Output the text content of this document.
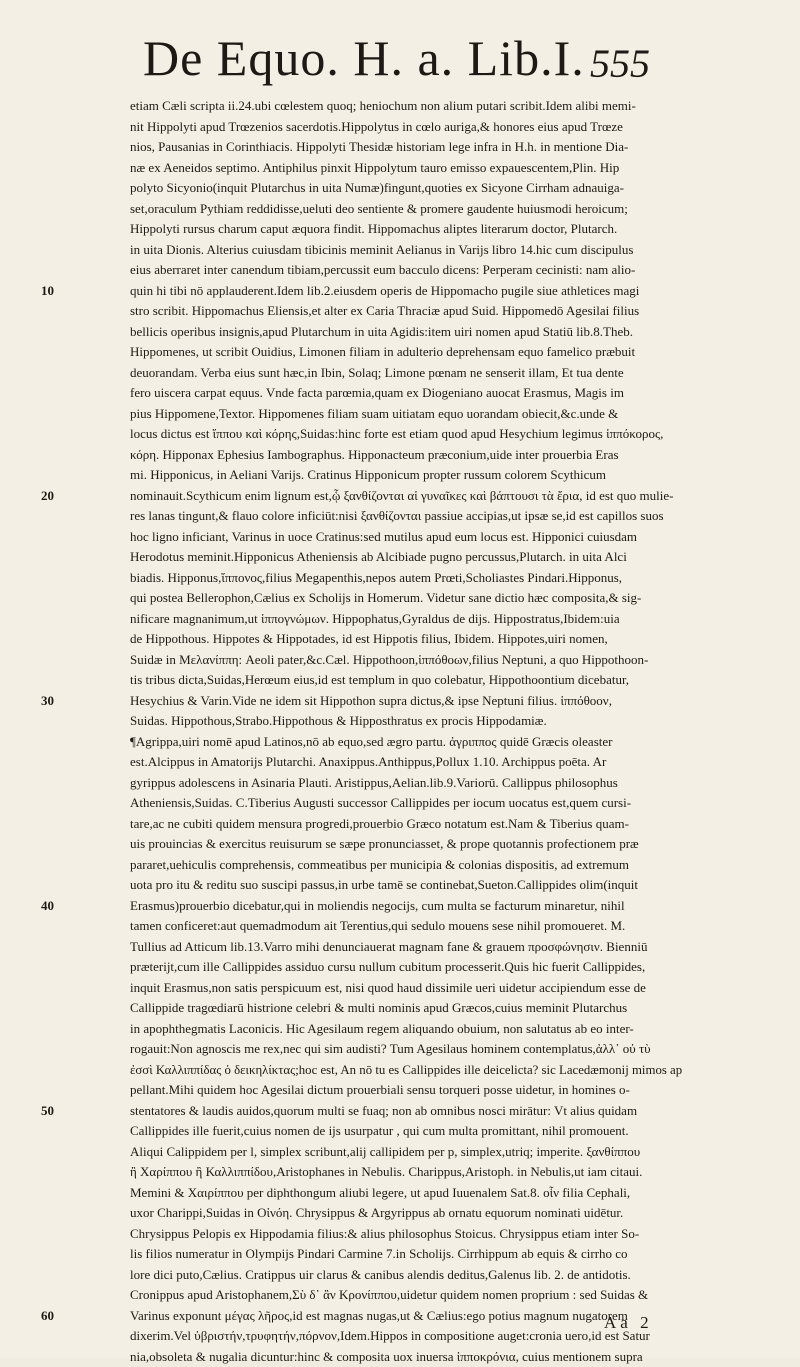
De Equo. H. a. Lib.I. 555
etiam Cæli scripta ii.24.ubi cœlestem quoq; heniochum non alium putari scribit.Idem alibi memi-
nit Hippolyti apud Trœzenios sacerdotis.Hippolytus in cœlo auriga,& honores eius apud Trœze
nios, Pausanias in Corinthiacis. Hippolyti Thesidæ historiam lege infra in H.h. in mentione Dia-
næ ex Aeneidos septimo. Antiphilus pinxit Hippolytum tauro emisso expauescentem,Plin. Hip
polyto Sicyonio(inquit Plutarchus in uita Numæ)fingunt,quoties ex Sicyone Cirrham adnauiga-
set,oraculum Pythiam reddidisse,ueluti deo sentiente & promere gaudente huiusmodi heroicum;
Hippolyti rursus charum caput æquora findit. Hippomachus aliptes literarum doctor, Plutarch.
in uita Dionis. Alterius cuiusdam tibicinis meminit Aelianus in Varijs libro 14.hic cum discipulus
eius aberraret inter canendum tibiam,percussit eum bacculo dicens: Perperam cecinisti: nam alio-
10	quin hi tibi nō applauderent.Idem lib.2.eiusdem operis de Hippomacho pugile siue athletices magi
stro scribit. Hippomachus Eliensis,et alter ex Caria Thraciæ apud Suid. Hippomedō Agesilai filius
bellicis operibus insignis,apud Plutarchum in uita Agidis:item uiri nomen apud Statiū lib.8.Theb.
Hippomenes, ut scribit Ouidius, Limonen filiam in adulterio deprehensam equo famelico præbuit
deuorandam. Verba eius sunt hæc,in Ibin, Solaq; Limone pœnam ne senserit illam, Et tua dente
fero uiscera carpat equus. Vnde facta parœmia,quam ex Diogeniano auocat Erasmus, Magis im
pius Hippomene,Textor. Hippomenes filiam suam uitiatam equo uorandam obiecit,&c.unde &
locus dictus est ἵππου καὶ κόρης,Suidas:hinc forte est etiam quod apud Hesychium legimus ἱππόκορος,
κόρη. Hipponax Ephesius Iambographus. Hipponacteum præconium,uide inter prouerbia Eras
mi. Hipponicus, in Aeliani Varijs. Cratinus Hipponicum propter russum colorem Scythicum
20	nominauit.Scythicum enim lignum est,ᾧ ξανθίζονται αἱ γυναῖκες καὶ βάπτουσι τὰ ἔρια, id est quo mulie-
res lanas tingunt,& flauo colore inficiūt:nisi ξανθίζονται passiue accipias,ut ipsæ se,id est capillos suos
hoc ligno inficiant, Varinus in uoce Cratinus:sed mutilus apud eum locus est. Hipponici cuiusdam
Herodotus meminit.Hipponicus Atheniensis ab Alcibiade pugno percussus,Plutarch. in uita Alci
biadis. Hipponus,ἵππονος,filius Megapenthis,nepos autem Prœti,Scholiastes Pindari.Hipponus,
qui postea Bellerophon,Cælius ex Scholijs in Homerum. Videtur sane dictio hæc composita,& sig-
nificare magnanimum,ut ἱππογνώμων. Hippophatus,Gyraldus de dijs. Hippostratus,Ibidem:uia
de Hippothous. Hippotes & Hippotades, id est Hippotis filius, Ibidem. Hippotes,uiri nomen,
Suidæ in Μελανίππη: Aeoli pater,&c.Cæl. Hippothoon,ἱππόθοων,filius Neptuni, a quo Hippothoon-
tis tribus dicta,Suidas,Herœum eius,id est templum in quo colebatur, Hippothoontium dicebatur,
30	Hesychius & Varin.Vide ne idem sit Hippothon supra dictus,& ipse Neptuni filius. ἱππόθοον,
Suidas. Hippothous,Strabo.Hippothous & Hipposthratus ex procis Hippodamiæ.
¶Agrippa,uiri nomē apud Latinos,nō ab equo,sed ægro partu. ἀγριππος quidē Græcis oleaster
est.Alcippus in Amatorijs Plutarchi. Anaxippus.Anthippus,Pollux 1.10. Archippus poēta. Ar
gyrippus adolescens in Asinaria Plauti. Aristippus,Aelian.lib.9.Variorū. Callippus philosophus
Atheniensis,Suidas. C.Tiberius Augusti successor Callippides per iocum uocatus est,quem cursi-
tare,ac ne cubiti quidem mensura progredi,prouerbio Græco notatum est.Nam & Tiberius quam-
uis prouincias & exercitus reuisurum se sæpe pronunciasset, & prope quotannis profectionem præ
pararet,uehiculis comprehensis, commeatibus per municipia & colonias dispositis, ad extremum
uota pro itu & reditu suo suscipi passus,in urbe tamē se continebat,Sueton.Callippides olim(inquit
40	Erasmus)prouerbio dicebatur,qui in moliendis negocijs, cum multa se facturum minaretur, nihil
tamen conficeret:aut quemadmodum ait Terentius,qui sedulo mouens sese nihil promoueret. M.
Tullius ad Atticum lib.13.Varro mihi denunciauerat magnam fane & grauem προσφώνησιν. Bienniū
præterijt,cum ille Callippides assiduo cursu nullum cubitum processerit.Quis hic fuerit Callippides,
inquit Erasmus,non satis perspicuum est, nisi quod haud dissimile ueri uidetur accipiendum esse de
Callippide tragœdiarū histrione celebri & multi nominis apud Græcos,cuius meminit Plutarchus
in apophthegmatis Laconicis. Hic Agesilaum regem aliquando obuium, non salutatus ab eo inter-
rogauit:Non agnoscis me rex,nec qui sim audisti? Tum Agesilaus hominem contemplatus,ἀλλ᾽ οὐ τὺ
ἐσσὶ Καλλιππίδας ὁ δεικηλίκτας;hoc est, An nō tu es Callippides ille deicelicta? sic Lacedæmonij mimos ap
pellant.Mihi quidem hoc Agesilai dictum prouerbiali sensu torqueri posse uidetur, in homines o-
50	stentatores & laudis auidos,quorum multi se fuaq; non ab omnibus nosci mirātur: Vt alius quidam
Callippides ille fuerit,cuius nomen de ijs usurpatur , qui cum multa promittant, nihil promouent.
Aliqui Calippidem per l, simplex scribunt,alij callipidem per p, simplex,utriq; imperite. ξανθίππου
ἢ Χαρίππου ἢ Καλλιππίδου,Aristophanes in Nebulis. Charippus,Aristoph. in Nebulis,ut iam citaui.
Memini & Χαιρίππου per diphthongum aliubi legere, ut apud Iuuenalem Sat.8. οἷν filia Cephali,
uxor Charippi,Suidas in Οἰνόη. Chrysippus & Argyrippus ab ornatu equorum nominati uidētur.
Chrysippus Pelopis ex Hippodamia filius:& alius philosophus Stoicus. Chrysippus etiam inter So-
lis filios numeratur in Olympijs Pindari Carmine 7.in Scholijs. Cirrhippum ab equis & cirrho co
lore dici puto,Cælius. Cratippus uir clarus & canibus alendis deditus,Galenus lib. 2. de antidotis.
Cronippus apud Aristophanem,Σὺ δ᾽ ἂν Κρονίππου,uidetur quidem nomen proprium : sed Suidas &
60	Varinus exponunt μέγας λῆρος,id est magnas nugas,ut & Cælius:ego potius magnum nugatorem
dixerim.Vel ὑβριστήν,τρυφητήν,πόρνον,Idem.Hippos in compositione auget:cronia uero,id est Satur
nia,obsoleta & nugalia dicuntur:hinc & composita uox inuersa ἱπποκρόνια, cuius mentionem supra
Aa 2
